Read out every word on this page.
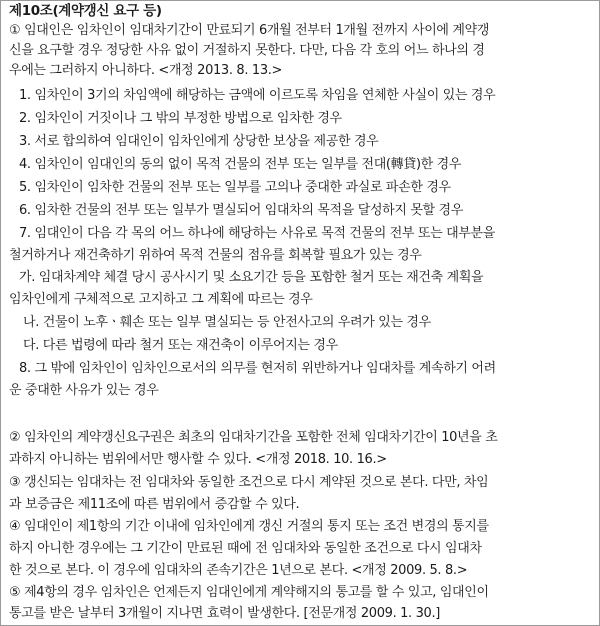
제10조(계약갱신 요구 등)
① 임대인은 임차인이 임대차기간이 만료되기 6개월 전부터 1개월 전까지 사이에 계약갱
신을 요구할 경우 정당한 사유 없이 거절하지 못한다. 다만, 다음 각 호의 어느 하나의 경
우에는 그러하지 아니하다. <개정 2013. 8. 13.>
1. 임차인이 3기의 차임액에 해당하는 금액에 이르도록 차임을 연체한 사실이 있는 경우
2. 임차인이 거짓이나 그 밖의 부정한 방법으로 임차한 경우
3. 서로 합의하여 임대인이 임차인에게 상당한 보상을 제공한 경우
4. 임차인이 임대인의 동의 없이 목적 건물의 전부 또는 일부를 전대(轉貸)한 경우
5. 임차인이 임차한 건물의 전부 또는 일부를 고의나 중대한 과실로 파손한 경우
6. 임차한 건물의 전부 또는 일부가 멸실되어 임대차의 목적을 달성하지 못할 경우
7. 임대인이 다음 각 목의 어느 하나에 해당하는 사유로 목적 건물의 전부 또는 대부분을
철거하거나 재건축하기 위하여 목적 건물의 점유를 회복할 필요가 있는 경우
가. 임대차계약 체결 당시 공사시기 및 소요기간 등을 포함한 철거 또는 재건축 계획을
임차인에게 구체적으로 고지하고 그 계획에 따르는 경우
나. 건물이 노후ㆍ훼손 또는 일부 멸실되는 등 안전사고의 우려가 있는 경우
다. 다른 법령에 따라 철거 또는 재건축이 이루어지는 경우
8. 그 밖에 임차인이 임차인으로서의 의무를 현저히 위반하거나 임대차를 계속하기 어려
운 중대한 사유가 있는 경우
② 임차인의 계약갱신요구권은 최초의 임대차기간을 포함한 전체 임대차기간이 10년을 초
과하지 아니하는 범위에서만 행사할 수 있다. <개정 2018. 10. 16.>
③ 갱신되는 임대차는 전 임대차와 동일한 조건으로 다시 계약된 것으로 본다. 다만, 차임
과 보증금은 제11조에 따른 범위에서 증감할 수 있다.
④ 임대인이 제1항의 기간 이내에 임차인에게 갱신 거절의 통지 또는 조건 변경의 통지를
하지 아니한 경우에는 그 기간이 만료된 때에 전 임대차와 동일한 조건으로 다시 임대차
한 것으로 본다. 이 경우에 임대차의 존속기간은 1년으로 본다. <개정 2009. 5. 8.>
⑤ 제4항의 경우 임차인은 언제든지 임대인에게 계약해지의 통고를 할 수 있고, 임대인이
통고를 받은 날부터 3개월이 지나면 효력이 발생한다. [전문개정 2009. 1. 30.]
